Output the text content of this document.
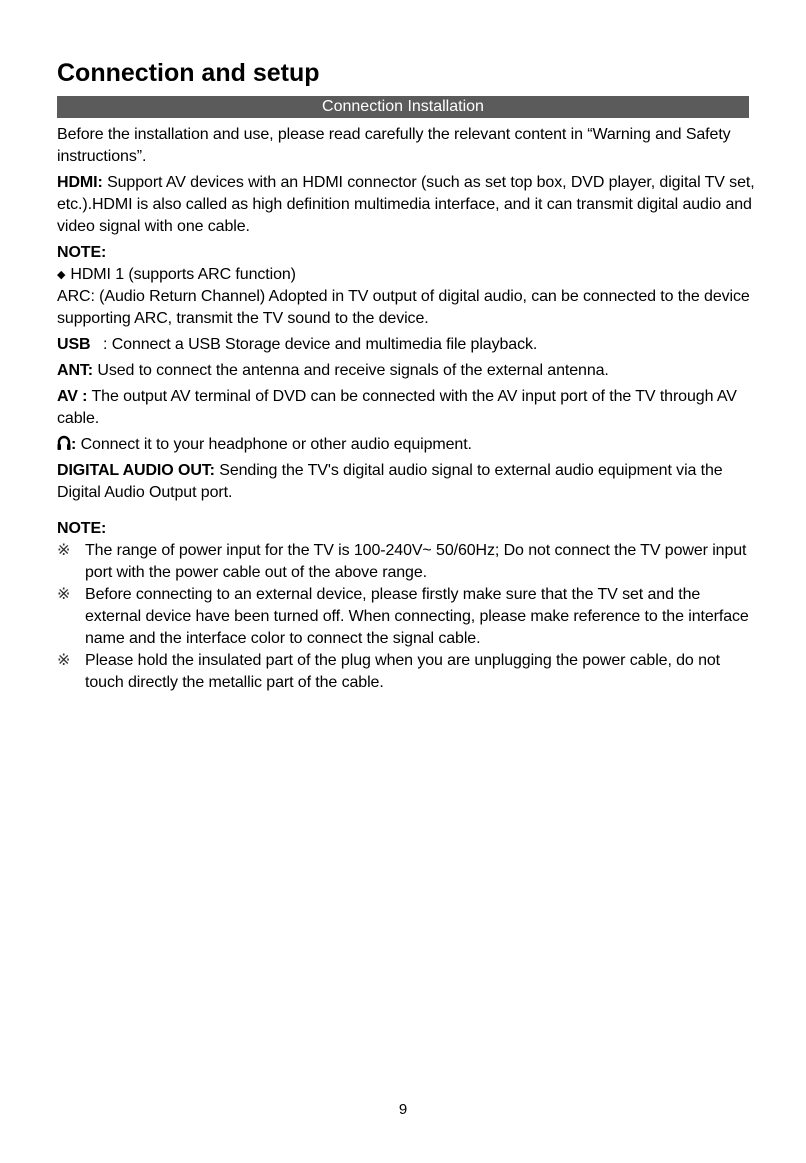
Connection and setup
Connection Installation

Before the installation and use, please read carefully the relevant content in “Warning and Safety instructions”.

HDMI: Support AV devices with an HDMI connector (such as set top box, DVD player, digital TV set, etc.).HDMI is also called as high definition multimedia interface, and it can transmit digital audio and video signal with one cable.

NOTE:

◆ HDMI 1 (supports ARC function)

ARC: (Audio Return Channel) Adopted in TV output of digital audio, can be connected to the device supporting ARC, transmit the TV sound to the device.

USB : Connect a USB Storage device and multimedia file playback.

ANT: Used to connect the antenna and receive signals of the external antenna.

AV : The output AV terminal of DVD can be connected with the AV input port of the TV through AV cable.

: Connect it to your headphone or other audio equipment.

DIGITAL AUDIO OUT: Sending the TV's digital audio signal to external audio equipment via the Digital Audio Output port.

NOTE:

※ The range of power input for the TV is 100-240V~ 50/60Hz; Do not connect the TV power input port with the power cable out of the above range.
※ Before connecting to an external device, please firstly make sure that the TV set and the external device have been turned off. When connecting, please make reference to the interface name and the interface color to connect the signal cable.
※ Please hold the insulated part of the plug when you are unplugging the power cable, do not touch directly the metallic part of the cable.
9
